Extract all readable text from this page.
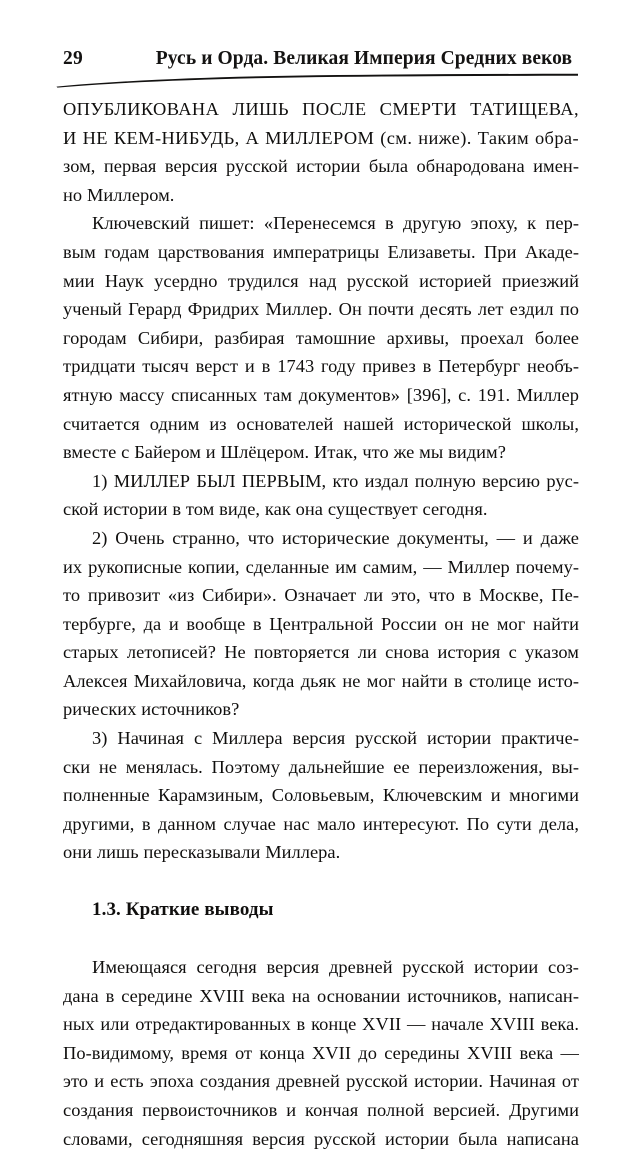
29	Русь и Орда. Великая Империя Средних веков

ОПУБЛИКОВАНА ЛИШЬ ПОСЛЕ СМЕРТИ ТАТИЩЕВА,
И НЕ КЕМ-НИБУДЬ, А МИЛЛЕРОМ (см. ниже). Таким обра-
зом, первая версия русской истории была обнародована имен-
но Миллером.

Ключевский пишет: «Перенесемся в другую эпоху, к пер-
вым годам царствования императрицы Елизаветы. При Акаде-
мии Наук усердно трудился над русской историей приезжий
ученый Герард Фридрих Миллер. Он почти десять лет ездил по
городам Сибири, разбирая тамошние архивы, проехал более
тридцати тысяч верст и в 1743 году привез в Петербург необъ-
ятную массу списанных там документов» [396], с. 191. Миллер
считается одним из основателей нашей исторической школы,
вместе с Байером и Шлёцером. Итак, что же мы видим?

1) МИЛЛЕР БЫЛ ПЕРВЫМ, кто издал полную версию рус-
ской истории в том виде, как она существует сегодня.

2) Очень странно, что исторические документы, — и даже
их рукописные копии, сделанные им самим, — Миллер почему-
то привозит «из Сибири». Означает ли это, что в Москве, Пе-
тербурге, да и вообще в Центральной России он не мог найти
старых летописей? Не повторяется ли снова история с указом
Алексея Михайловича, когда дьяк не мог найти в столице исто-
рических источников?

3) Начиная с Миллера версия русской истории практиче-
ски не менялась. Поэтому дальнейшие ее переизложения, вы-
полненные Карамзиным, Соловьевым, Ключевским и многими
другими, в данном случае нас мало интересуют. По сути дела,
они лишь пересказывали Миллера.

1.3. Краткие выводы

Имеющаяся сегодня версия древней русской истории соз-
дана в середине XVIII века на основании источников, написан-
ных или отредактированных в конце XVII — начале XVIII века.
По-видимому, время от конца XVII до середины XVIII века —
это и есть эпоха создания древней русской истории. Начиная от
создания первоисточников и кончая полной версией. Другими
словами, сегодняшняя версия русской истории была написана
